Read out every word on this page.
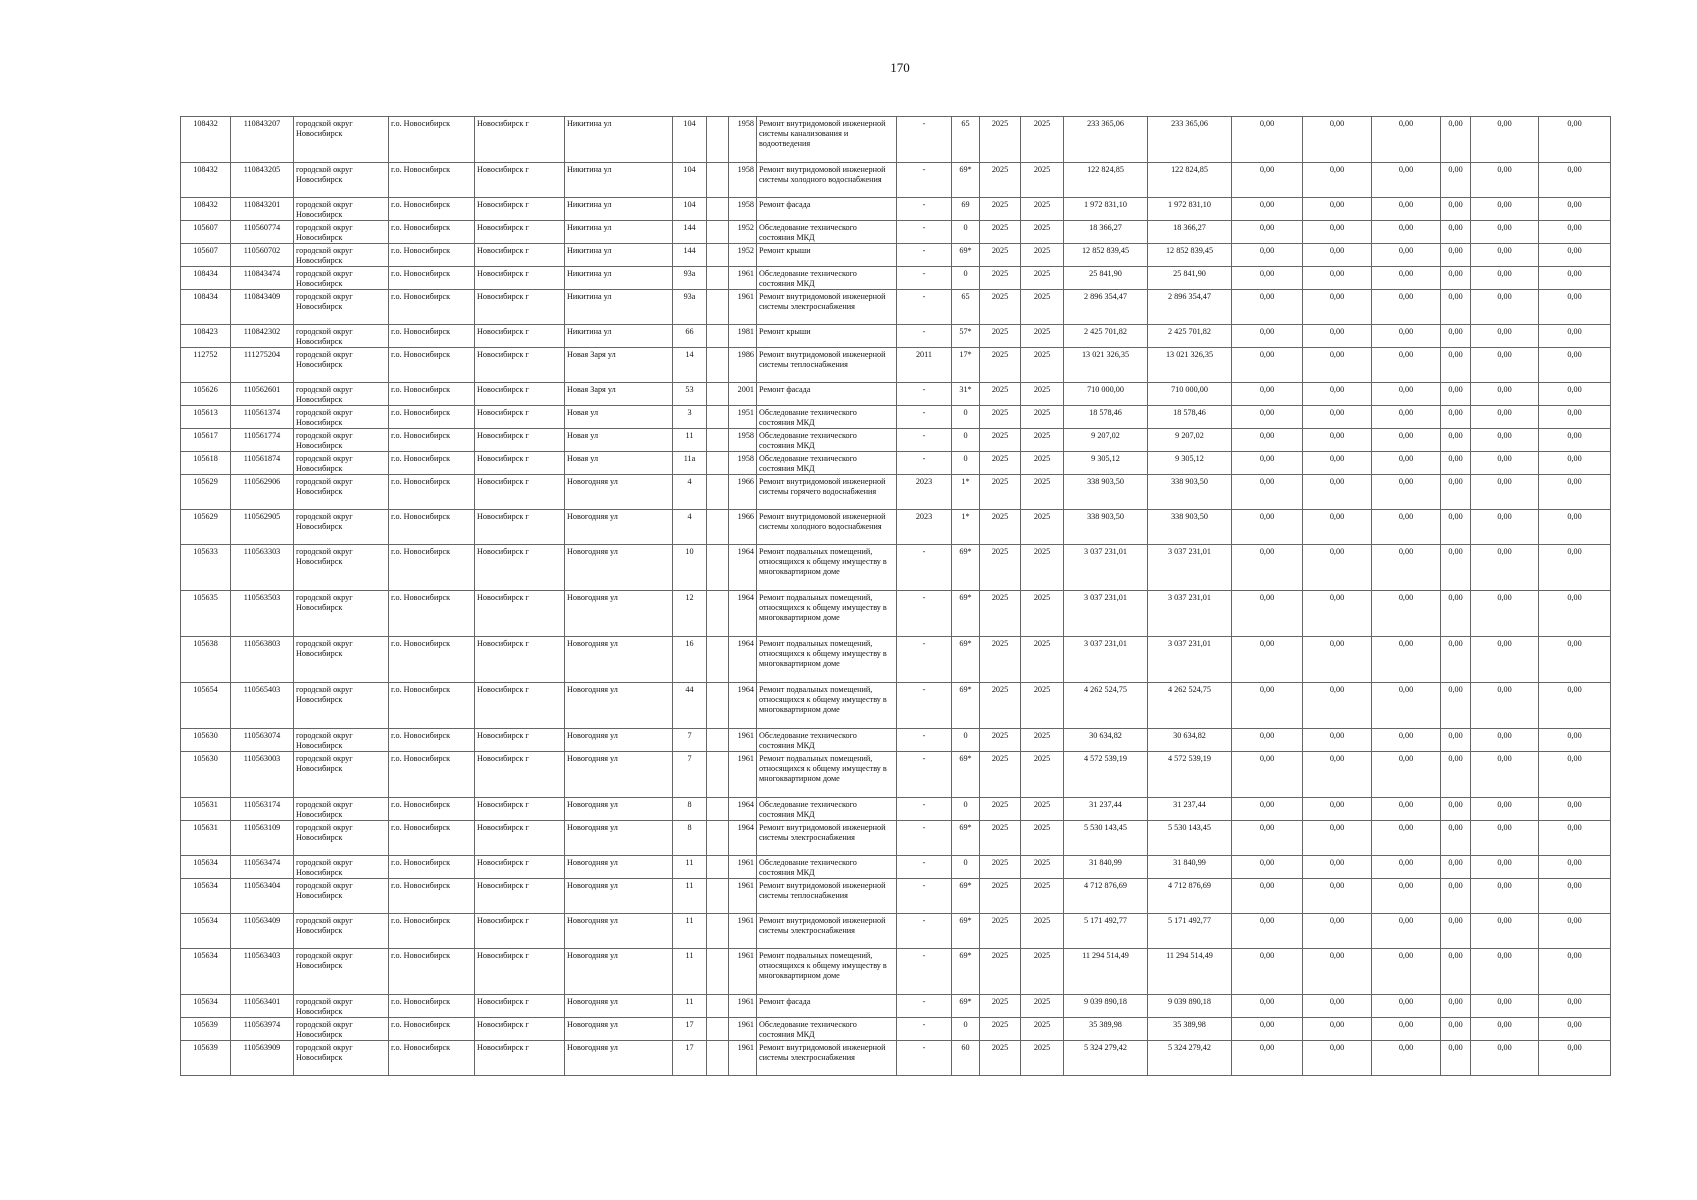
170
108432	110843207	городской округ Новосибирск	г.о. Новосибирск	Новосибирск г	Никитина ул	104		1958	Ремонт внутридомовой инженерной системы канализования и водоотведения	-	65	2025	2025	233 365,06	233 365,06	0,00	0,00	0,00	0,00	0,00	0,00
108432	110843205	городской округ Новосибирск	г.о. Новосибирск	Новосибирск г	Никитина ул	104		1958	Ремонт внутридомовой инженерной системы холодного водоснабжения	-	69*	2025	2025	122 824,85	122 824,85	0,00	0,00	0,00	0,00	0,00	0,00
108432	110843201	городской округ Новосибирск	г.о. Новосибирск	Новосибирск г	Никитина ул	104		1958	Ремонт фасада	-	69	2025	2025	1 972 831,10	1 972 831,10	0,00	0,00	0,00	0,00	0,00	0,00
105607	110560774	городской округ Новосибирск	г.о. Новосибирск	Новосибирск г	Никитина ул	144		1952	Обследование технического состояния МКД	-	0	2025	2025	18 366,27	18 366,27	0,00	0,00	0,00	0,00	0,00	0,00
105607	110560702	городской округ Новосибирск	г.о. Новосибирск	Новосибирск г	Никитина ул	144		1952	Ремонт крыши	-	69*	2025	2025	12 852 839,45	12 852 839,45	0,00	0,00	0,00	0,00	0,00	0,00
108434	110843474	городской округ Новосибирск	г.о. Новосибирск	Новосибирск г	Никитина ул	93а		1961	Обследование технического состояния МКД	-	0	2025	2025	25 841,90	25 841,90	0,00	0,00	0,00	0,00	0,00	0,00
108434	110843409	городской округ Новосибирск	г.о. Новосибирск	Новосибирск г	Никитина ул	93а		1961	Ремонт внутридомовой инженерной системы электроснабжения	-	65	2025	2025	2 896 354,47	2 896 354,47	0,00	0,00	0,00	0,00	0,00	0,00
108423	110842302	городской округ Новосибирск	г.о. Новосибирск	Новосибирск г	Никитина ул	66		1981	Ремонт крыши	-	57*	2025	2025	2 425 701,82	2 425 701,82	0,00	0,00	0,00	0,00	0,00	0,00
112752	111275204	городской округ Новосибирск	г.о. Новосибирск	Новосибирск г	Новая Заря ул	14		1986	Ремонт внутридомовой инженерной системы теплоснабжения	2011	17*	2025	2025	13 021 326,35	13 021 326,35	0,00	0,00	0,00	0,00	0,00	0,00
105626	110562601	городской округ Новосибирск	г.о. Новосибирск	Новосибирск г	Новая Заря ул	53		2001	Ремонт фасада	-	31*	2025	2025	710 000,00	710 000,00	0,00	0,00	0,00	0,00	0,00	0,00
105613	110561374	городской округ Новосибирск	г.о. Новосибирск	Новосибирск г	Новая ул	3		1951	Обследование технического состояния МКД	-	0	2025	2025	18 578,46	18 578,46	0,00	0,00	0,00	0,00	0,00	0,00
105617	110561774	городской округ Новосибирск	г.о. Новосибирск	Новосибирск г	Новая ул	11		1958	Обследование технического состояния МКД	-	0	2025	2025	9 207,02	9 207,02	0,00	0,00	0,00	0,00	0,00	0,00
105618	110561874	городской округ Новосибирск	г.о. Новосибирск	Новосибирск г	Новая ул	11а		1958	Обследование технического состояния МКД	-	0	2025	2025	9 305,12	9 305,12	0,00	0,00	0,00	0,00	0,00	0,00
105629	110562906	городской округ Новосибирск	г.о. Новосибирск	Новосибирск г	Новогодняя ул	4		1966	Ремонт внутридомовой инженерной системы горячего водоснабжения	2023	1*	2025	2025	338 903,50	338 903,50	0,00	0,00	0,00	0,00	0,00	0,00
105629	110562905	городской округ Новосибирск	г.о. Новосибирск	Новосибирск г	Новогодняя ул	4		1966	Ремонт внутридомовой инженерной системы холодного водоснабжения	2023	1*	2025	2025	338 903,50	338 903,50	0,00	0,00	0,00	0,00	0,00	0,00
105633	110563303	городской округ Новосибирск	г.о. Новосибирск	Новосибирск г	Новогодняя ул	10		1964	Ремонт подвальных помещений, относящихся к общему имуществу в многоквартирном доме	-	69*	2025	2025	3 037 231,01	3 037 231,01	0,00	0,00	0,00	0,00	0,00	0,00
105635	110563503	городской округ Новосибирск	г.о. Новосибирск	Новосибирск г	Новогодняя ул	12		1964	Ремонт подвальных помещений, относящихся к общему имуществу в многоквартирном доме	-	69*	2025	2025	3 037 231,01	3 037 231,01	0,00	0,00	0,00	0,00	0,00	0,00
105638	110563803	городской округ Новосибирск	г.о. Новосибирск	Новосибирск г	Новогодняя ул	16		1964	Ремонт подвальных помещений, относящихся к общему имуществу в многоквартирном доме	-	69*	2025	2025	3 037 231,01	3 037 231,01	0,00	0,00	0,00	0,00	0,00	0,00
105654	110565403	городской округ Новосибирск	г.о. Новосибирск	Новосибирск г	Новогодняя ул	44		1964	Ремонт подвальных помещений, относящихся к общему имуществу в многоквартирном доме	-	69*	2025	2025	4 262 524,75	4 262 524,75	0,00	0,00	0,00	0,00	0,00	0,00
105630	110563074	городской округ Новосибирск	г.о. Новосибирск	Новосибирск г	Новогодняя ул	7		1961	Обследование технического состояния МКД	-	0	2025	2025	30 634,82	30 634,82	0,00	0,00	0,00	0,00	0,00	0,00
105630	110563003	городской округ Новосибирск	г.о. Новосибирск	Новосибирск г	Новогодняя ул	7		1961	Ремонт подвальных помещений, относящихся к общему имуществу в многоквартирном доме	-	69*	2025	2025	4 572 539,19	4 572 539,19	0,00	0,00	0,00	0,00	0,00	0,00
105631	110563174	городской округ Новосибирск	г.о. Новосибирск	Новосибирск г	Новогодняя ул	8		1964	Обследование технического состояния МКД	-	0	2025	2025	31 237,44	31 237,44	0,00	0,00	0,00	0,00	0,00	0,00
105631	110563109	городской округ Новосибирск	г.о. Новосибирск	Новосибирск г	Новогодняя ул	8		1964	Ремонт внутридомовой инженерной системы электроснабжения	-	69*	2025	2025	5 530 143,45	5 530 143,45	0,00	0,00	0,00	0,00	0,00	0,00
105634	110563474	городской округ Новосибирск	г.о. Новосибирск	Новосибирск г	Новогодняя ул	11		1961	Обследование технического состояния МКД	-	0	2025	2025	31 840,99	31 840,99	0,00	0,00	0,00	0,00	0,00	0,00
105634	110563404	городской округ Новосибирск	г.о. Новосибирск	Новосибирск г	Новогодняя ул	11		1961	Ремонт внутридомовой инженерной системы теплоснабжения	-	69*	2025	2025	4 712 876,69	4 712 876,69	0,00	0,00	0,00	0,00	0,00	0,00
105634	110563409	городской округ Новосибирск	г.о. Новосибирск	Новосибирск г	Новогодняя ул	11		1961	Ремонт внутридомовой инженерной системы электроснабжения	-	69*	2025	2025	5 171 492,77	5 171 492,77	0,00	0,00	0,00	0,00	0,00	0,00
105634	110563403	городской округ Новосибирск	г.о. Новосибирск	Новосибирск г	Новогодняя ул	11		1961	Ремонт подвальных помещений, относящихся к общему имуществу в многоквартирном доме	-	69*	2025	2025	11 294 514,49	11 294 514,49	0,00	0,00	0,00	0,00	0,00	0,00
105634	110563401	городской округ Новосибирск	г.о. Новосибирск	Новосибирск г	Новогодняя ул	11		1961	Ремонт фасада	-	69*	2025	2025	9 039 890,18	9 039 890,18	0,00	0,00	0,00	0,00	0,00	0,00
105639	110563974	городской округ Новосибирск	г.о. Новосибирск	Новосибирск г	Новогодняя ул	17		1961	Обследование технического состояния МКД	-	0	2025	2025	35 389,98	35 389,98	0,00	0,00	0,00	0,00	0,00	0,00
105639	110563909	городской округ Новосибирск	г.о. Новосибирск	Новосибирск г	Новогодняя ул	17		1961	Ремонт внутридомовой инженерной системы электроснабжения	-	60	2025	2025	5 324 279,42	5 324 279,42	0,00	0,00	0,00	0,00	0,00	0,00
